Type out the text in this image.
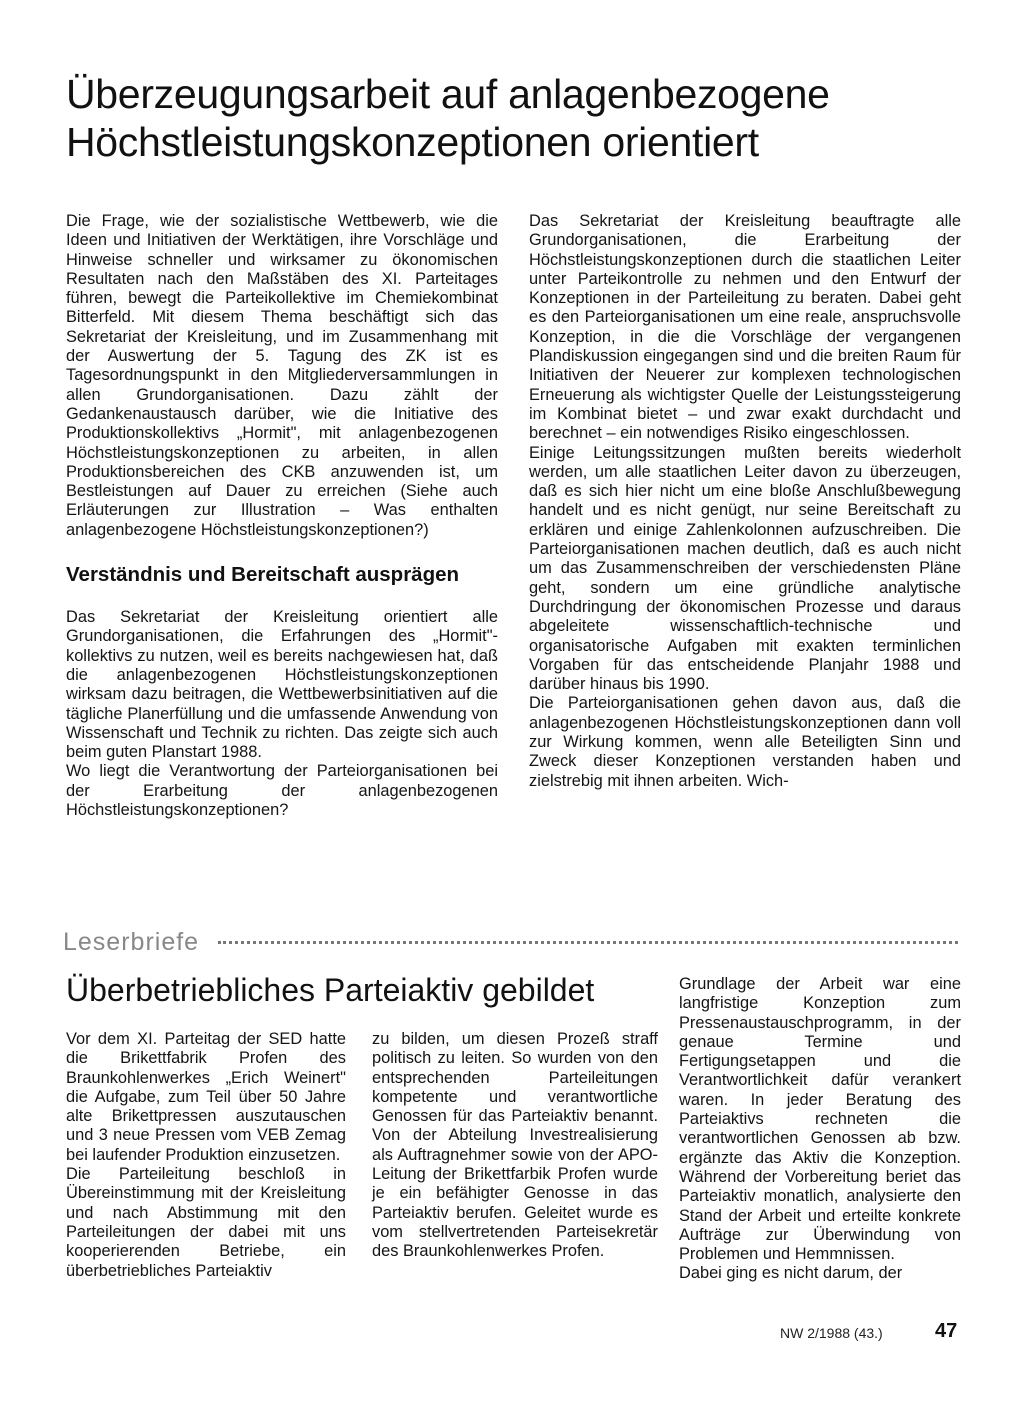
Überzeugungsarbeit auf anlagenbezogene Höchstleistungskonzeptionen orientiert

Die Frage, wie der sozialistische Wettbewerb, wie die Ideen und Initiativen der Werktätigen, ihre Vorschläge und Hinweise schneller und wirksamer zu ökonomischen Resultaten nach den Maßstäben des XI. Parteitages führen, bewegt die Parteikollektive im Chemiekombinat Bitterfeld. Mit diesem Thema beschäftigt sich das Sekretariat der Kreisleitung, und im Zusammenhang mit der Auswertung der 5. Tagung des ZK ist es Tagesordnungspunkt in den Mitgliederversammlungen in allen Grundorganisationen. Dazu zählt der Gedankenaustausch darüber, wie die Initiative des Produktionskollektivs „Hormit", mit anlagenbezogenen Höchstleistungskonzeptionen zu arbeiten, in allen Produktionsbereichen des CKB anzuwenden ist, um Bestleistungen auf Dauer zu erreichen (Siehe auch Erläuterungen zur Illustration – Was enthalten anlagenbezogene Höchstleistungskonzeptionen?)

Verständnis und Bereitschaft ausprägen

Das Sekretariat der Kreisleitung orientiert alle Grundorganisationen, die Erfahrungen des „Hormit"-kollektivs zu nutzen, weil es bereits nachgewiesen hat, daß die anlagenbezogenen Höchstleistungskonzeptionen wirksam dazu beitragen, die Wettbewerbsinitiativen auf die tägliche Planerfüllung und die umfassende Anwendung von Wissenschaft und Technik zu richten. Das zeigte sich auch beim guten Planstart 1988.

Wo liegt die Verantwortung der Parteiorganisationen bei der Erarbeitung der anlagenbezogenen Höchstleistungskonzeptionen?

Das Sekretariat der Kreisleitung beauftragte alle Grundorganisationen, die Erarbeitung der Höchstleistungskonzeptionen durch die staatlichen Leiter unter Parteikontrolle zu nehmen und den Entwurf der Konzeptionen in der Parteileitung zu beraten. Dabei geht es den Parteiorganisationen um eine reale, anspruchsvolle Konzeption, in die die Vorschläge der vergangenen Plandiskussion eingegangen sind und die breiten Raum für Initiativen der Neuerer zur komplexen technologischen Erneuerung als wichtigster Quelle der Leistungssteigerung im Kombinat bietet – und zwar exakt durchdacht und berechnet – ein notwendiges Risiko eingeschlossen.

Einige Leitungssitzungen mußten bereits wiederholt werden, um alle staatlichen Leiter davon zu überzeugen, daß es sich hier nicht um eine bloße Anschlußbewegung handelt und es nicht genügt, nur seine Bereitschaft zu erklären und einige Zahlenkolonnen aufzuschreiben. Die Parteiorganisationen machen deutlich, daß es auch nicht um das Zusammenschreiben der verschiedensten Pläne geht, sondern um eine gründliche analytische Durchdringung der ökonomischen Prozesse und daraus abgeleitete wissenschaftlich-technische und organisatorische Aufgaben mit exakten terminlichen Vorgaben für das entscheidende Planjahr 1988 und darüber hinaus bis 1990.

Die Parteiorganisationen gehen davon aus, daß die anlagenbezogenen Höchstleistungskonzeptionen dann voll zur Wirkung kommen, wenn alle Beteiligten Sinn und Zweck dieser Konzeptionen verstanden haben und zielstrebig mit ihnen arbeiten. Wich-

Leserbriefe
Überbetriebliches Parteiaktiv gebildet

Vor dem XI. Parteitag der SED hatte die Brikettfabrik Profen des Braunkohlenwerkes „Erich Weinert" die Aufgabe, zum Teil über 50 Jahre alte Brikettpressen auszutauschen und 3 neue Pressen vom VEB Zemag bei laufender Produktion einzusetzen.

Die Parteileitung beschloß in Übereinstimmung mit der Kreisleitung und nach Abstimmung mit den Parteileitungen der dabei mit uns kooperierenden Betriebe, ein überbetriebliches Parteiaktiv

zu bilden, um diesen Prozeß straff politisch zu leiten. So wurden von den entsprechenden Parteileitungen kompetente und verantwortliche Genossen für das Parteiaktiv benannt. Von der Abteilung Investrealisierung als Auftragnehmer sowie von der APO-Leitung der Brikettfarbik Profen wurde je ein befähigter Genosse in das Parteiaktiv berufen. Geleitet wurde es vom stellvertretenden Parteisekretär des Braunkohlenwerkes Profen.

Grundlage der Arbeit war eine langfristige Konzeption zum Pressenaustauschprogramm, in der genaue Termine und Fertigungsetappen und die Verantwortlichkeit dafür verankert waren. In jeder Beratung des Parteiaktivs rechneten die verantwortlichen Genossen ab bzw. ergänzte das Aktiv die Konzeption. Während der Vorbereitung beriet das Parteiaktiv monatlich, analysierte den Stand der Arbeit und erteilte konkrete Aufträge zur Überwindung von Problemen und Hemmnissen.

Dabei ging es nicht darum, der

NW 2/1988 (43.)	47
